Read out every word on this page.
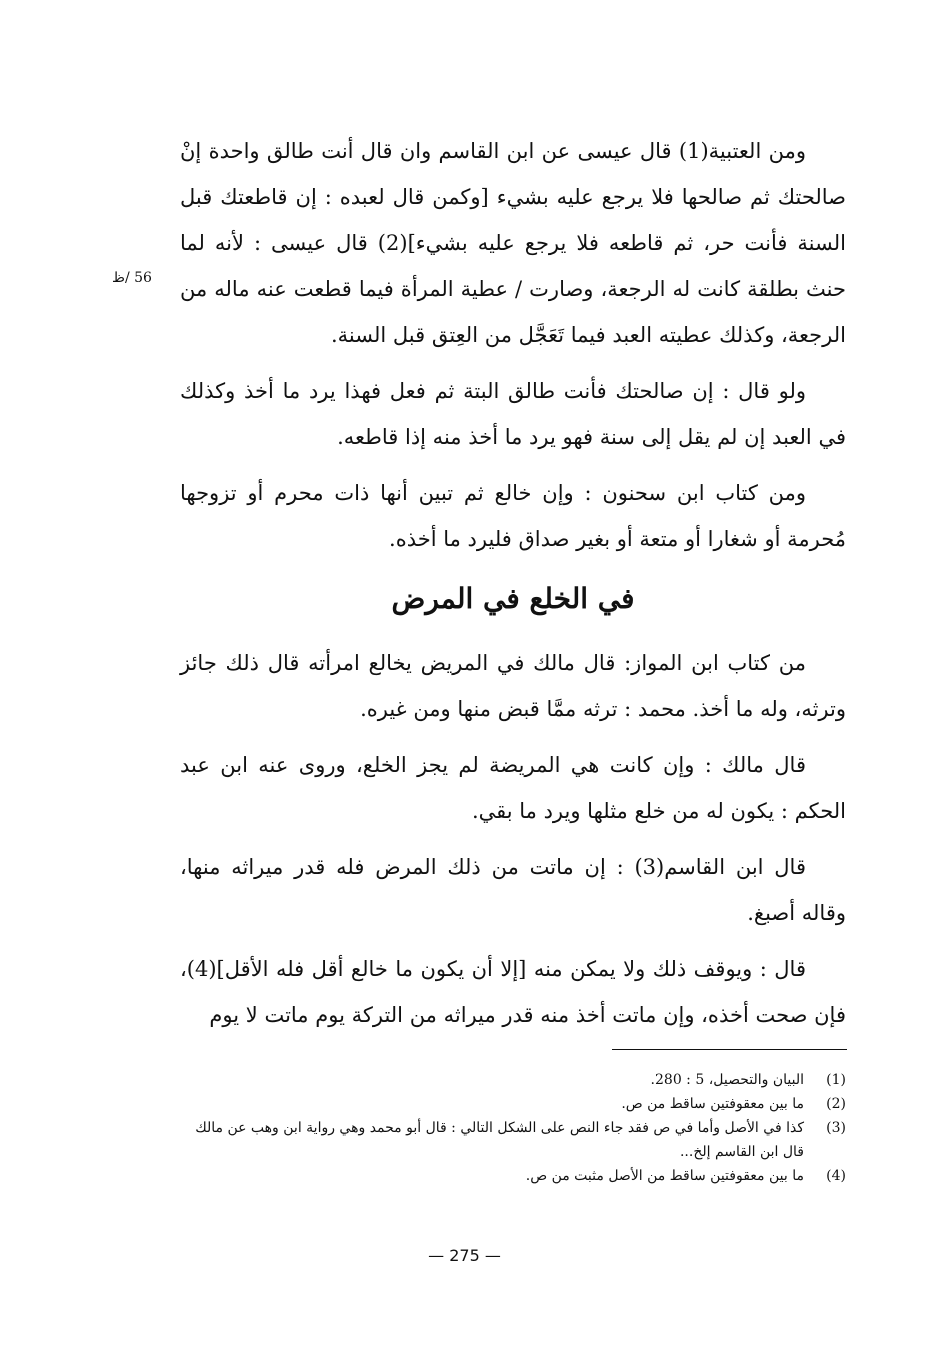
56 /ظ

ومن العتبية(1) قال عيسى عن ابن القاسم وان قال أنت طالق واحدة إنْ صالحتك ثم صالحها فلا يرجع عليه بشيء [وكمن قال لعبده : إن قاطعتك قبل السنة فأنت حر، ثم قاطعه فلا يرجع عليه بشيء](2) قال عيسى : لأنه لما حنث بطلقة كانت له الرجعة، وصارت / عطية المرأة فيما قطعت عنه ماله من الرجعة، وكذلك عطيته العبد فيما تَعَجَّل من العِتق قبل السنة.

ولو قال : إن صالحتك فأنت طالق البتة ثم فعل فهذا يرد ما أخذ وكذلك في العبد إن لم يقل إلى سنة فهو يرد ما أخذ منه إذا قاطعه.

ومن كتاب ابن سحنون : وإن خالع ثم تبين أنها ذات محرم أو تزوجها مُحرمة أو شغارا أو متعة أو بغير صداق فليرد ما أخذه.

في الخلع في المرض

من كتاب ابن المواز: قال مالك في المريض يخالع امرأته قال ذلك جائز وترثه، وله ما أخذ. محمد : ترثه ممَّا قبض منها ومن غيره.

قال مالك : وإن كانت هي المريضة لم يجز الخلع، وروى عنه ابن عبد الحكم : يكون له من خلع مثلها ويرد ما بقي.

قال ابن القاسم(3) : إن ماتت من ذلك المرض فله قدر ميراثه منها، وقاله أصبغ.

قال : ويوقف ذلك ولا يمكن منه [إلا أن يكون ما خالع أقل فله الأقل](4)، فإن صحت أخذه، وإن ماتت أخذ منه قدر ميراثه من التركة يوم ماتت لا يوم

(1)
البيان والتحصيل، 5 : 280.
(2)
ما بين معقوفتين ساقط من ص.
(3)
كذا في الأصل وأما في ص فقد جاء النص على الشكل التالي : قال أبو محمد وهي رواية ابن وهب عن مالك قال ابن القاسم إلخ...
(4)
ما بين معقوفتين ساقط من الأصل مثبت من ص.
— 275 —
